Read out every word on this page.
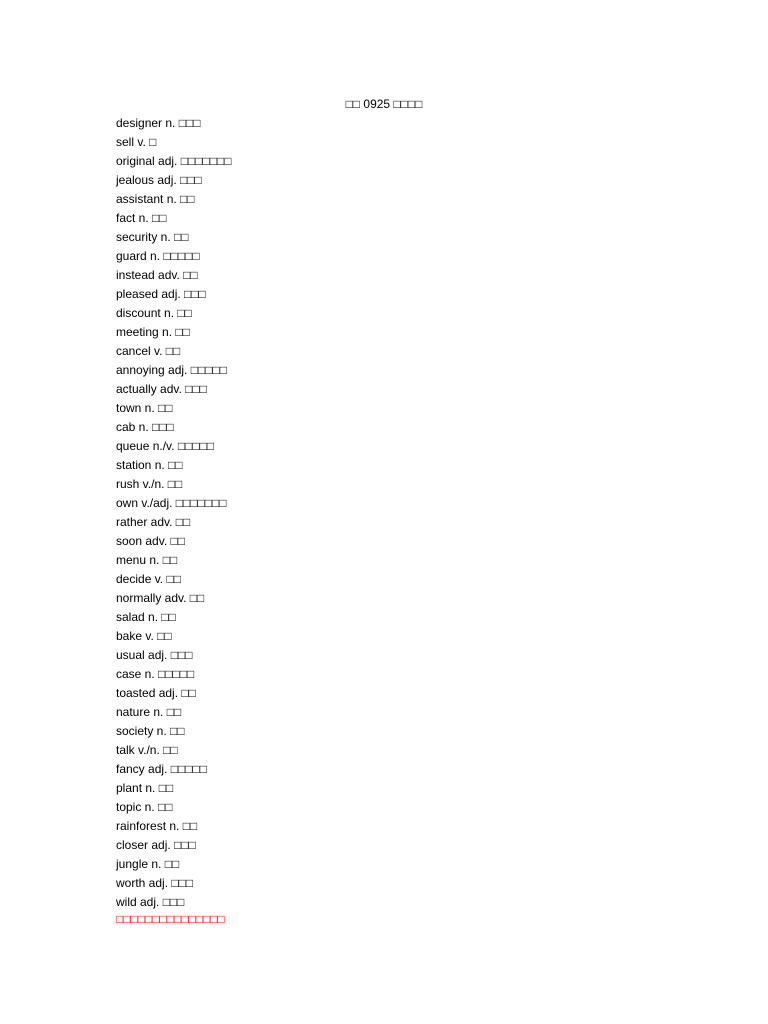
□□ 0925 □□□□
designer n. □□□
sell v. □
original adj. □□□□□□□
jealous adj. □□□
assistant n. □□
fact n. □□
security n. □□
guard n. □□□□□
instead adv. □□
pleased adj. □□□
discount n. □□
meeting n. □□
cancel v. □□
annoying adj. □□□□□
actually adv. □□□
town n. □□
cab n. □□□
queue n./v. □□□□□
station n. □□
rush v./n. □□
own v./adj. □□□□□□□
rather adv. □□
soon adv. □□
menu n. □□
decide v. □□
normally adv. □□
salad n. □□
bake v. □□
usual adj. □□□
case n. □□□□□
toasted adj. □□
nature n. □□
society n. □□
talk v./n. □□
fancy adj. □□□□□
plant n. □□
topic n. □□
rainforest n. □□
closer adj. □□□
jungle n. □□
worth adj. □□□
wild adj. □□□
□□□□□□□□□□□□□□□
